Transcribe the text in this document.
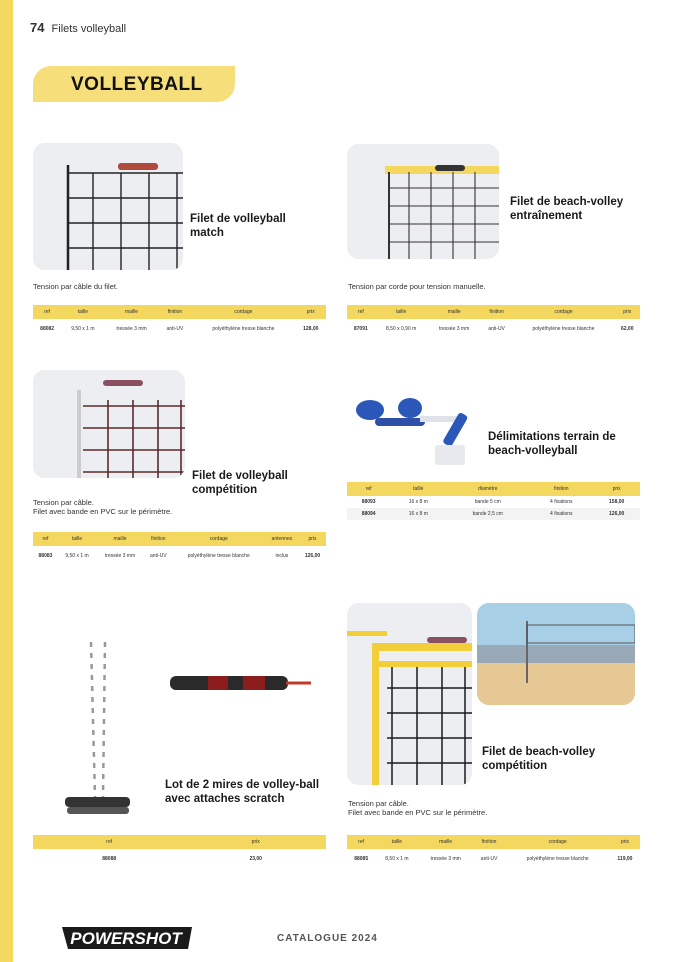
74 Filets volleyball
VOLLEYBALL
Filet de volleyball
match
Tension par câble du filet.
ref	taille	maille	finition	cordage	prix
88082	9,50 x 1 m	tressée 3 mm	anti-UV	polyéthylène tresse blanche	128,00
Filet de beach-volley
entraînement
Tension par corde pour tension manuelle.
ref	taille	maille	finition	cordage	prix
87091	8,50 x 0,90 m	tressée 3 mm	anti-UV	polyéthylène tresse blanche	62,00
Filet de volleyball
compétition
Tension par câble.
Filet avec bande en PVC sur le périmètre.
ref	taille	maille	finition	cordage	antennes	prix
88083	9,50 x 1 m	tressée 3 mm	anti-UV	polyéthylène tresse blanche	inclus	126,00
Délimitations terrain de
beach-volleyball
ref	taille	diamètre	finition	prix
88093	16 x 8 m	bande 5 cm	4 fixations	158,00
88094	16 x 8 m	bande 2,5 cm	4 fixations	126,00
Lot de 2 mires de volley-ball
avec attaches scratch
ref	prix
88088	23,00
Filet de beach-volley
compétition
Tension par câble.
Filet avec bande en PVC sur le périmètre.
ref	taille	maille	finition	cordage	prix
88085	8,50 x 1 m	tressée 3 mm	anti-UV	polyéthylène tresse blanche	119,00
POWERSHOT	CATALOGUE 2024
